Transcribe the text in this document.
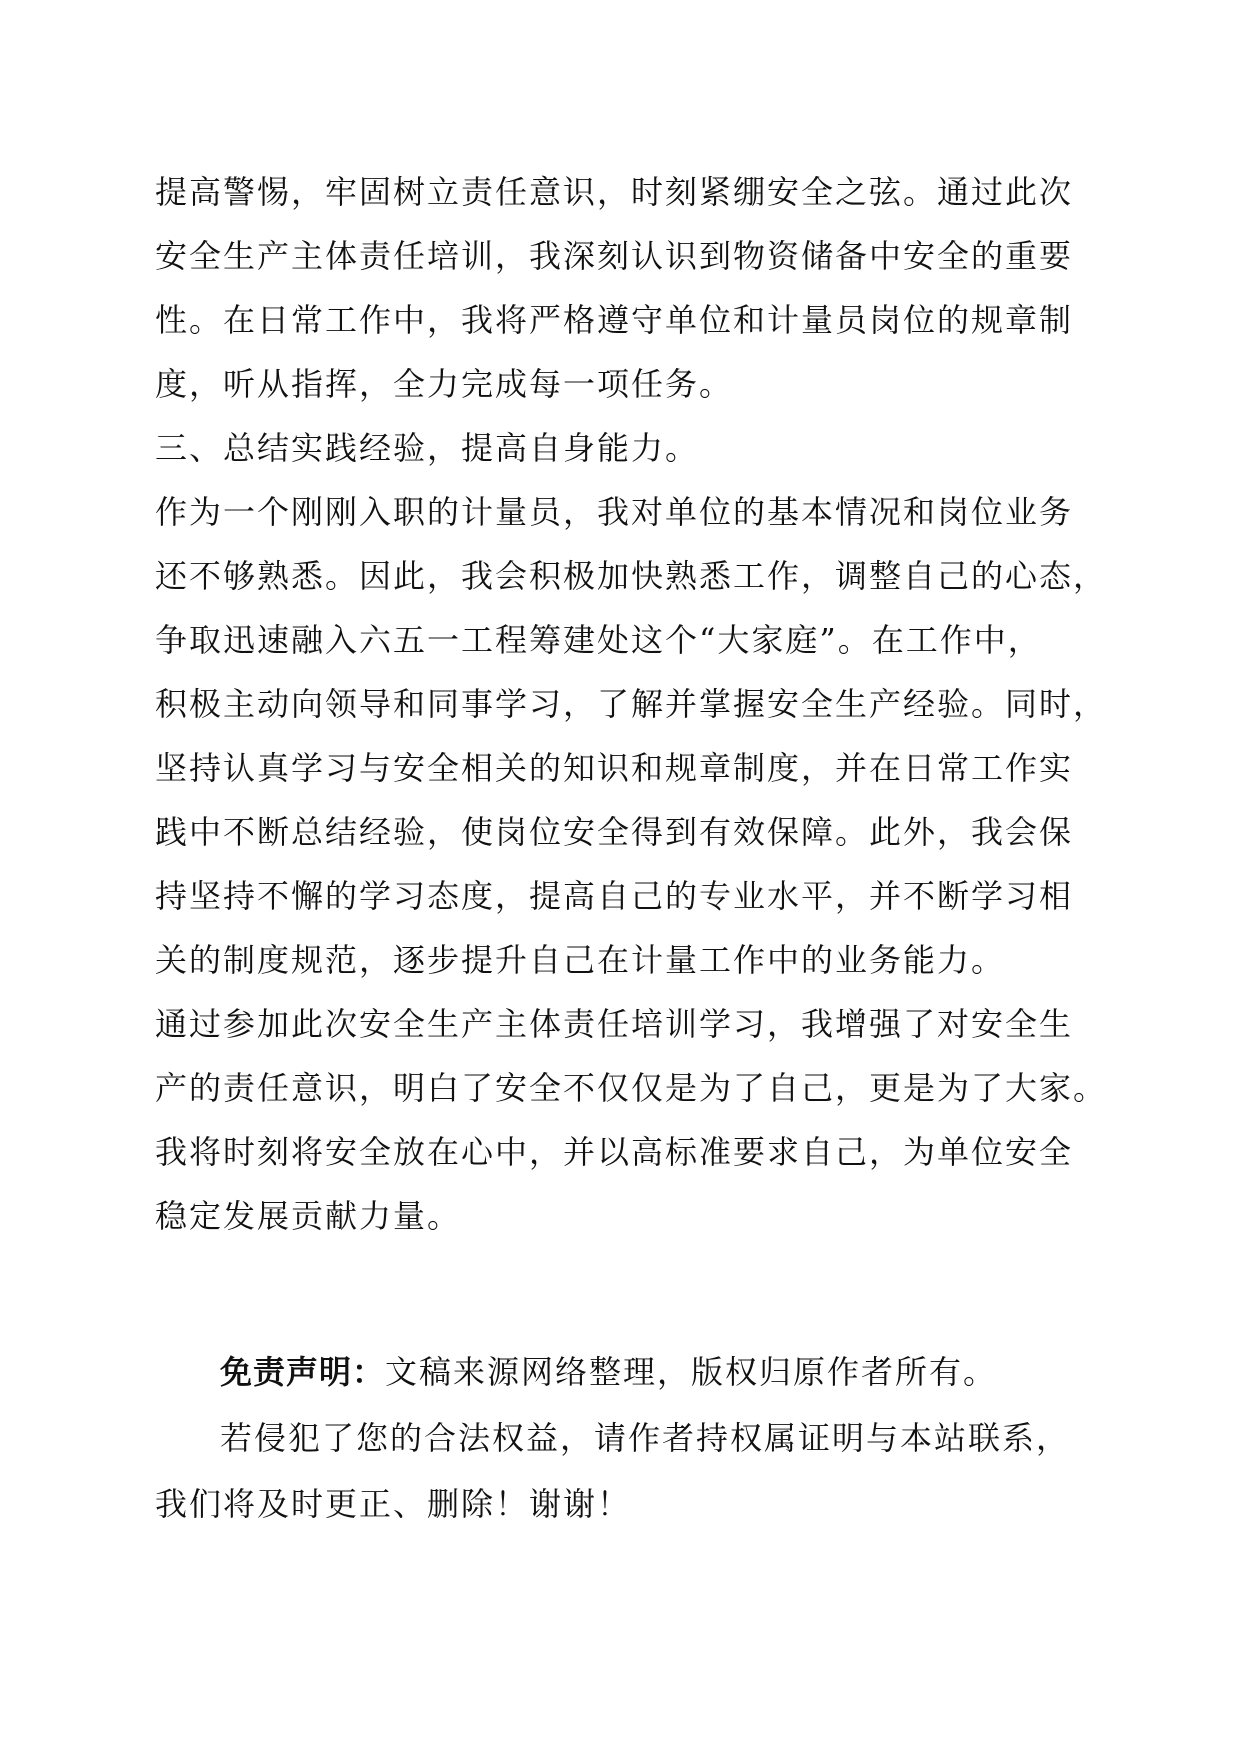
提高警惕，牢固树立责任意识，时刻紧绷安全之弦。通过此次
安全生产主体责任培训，我深刻认识到物资储备中安全的重要
性。在日常工作中，我将严格遵守单位和计量员岗位的规章制
度，听从指挥，全力完成每一项任务。
三、总结实践经验，提高自身能力。
作为一个刚刚入职的计量员，我对单位的基本情况和岗位业务
还不够熟悉。因此，我会积极加快熟悉工作，调整自己的心态，
争取迅速融入六五一工程筹建处这个“大家庭”。在工作中，
积极主动向领导和同事学习，了解并掌握安全生产经验。同时，
坚持认真学习与安全相关的知识和规章制度，并在日常工作实
践中不断总结经验，使岗位安全得到有效保障。此外，我会保
持坚持不懈的学习态度，提高自己的专业水平，并不断学习相
关的制度规范，逐步提升自己在计量工作中的业务能力。
通过参加此次安全生产主体责任培训学习，我增强了对安全生
产的责任意识，明白了安全不仅仅是为了自己，更是为了大家。
我将时刻将安全放在心中，并以高标准要求自己，为单位安全
稳定发展贡献力量。
免责声明：文稿来源网络整理，版权归原作者所有。
若侵犯了您的合法权益，请作者持权属证明与本站联系，
我们将及时更正、删除！谢谢！
